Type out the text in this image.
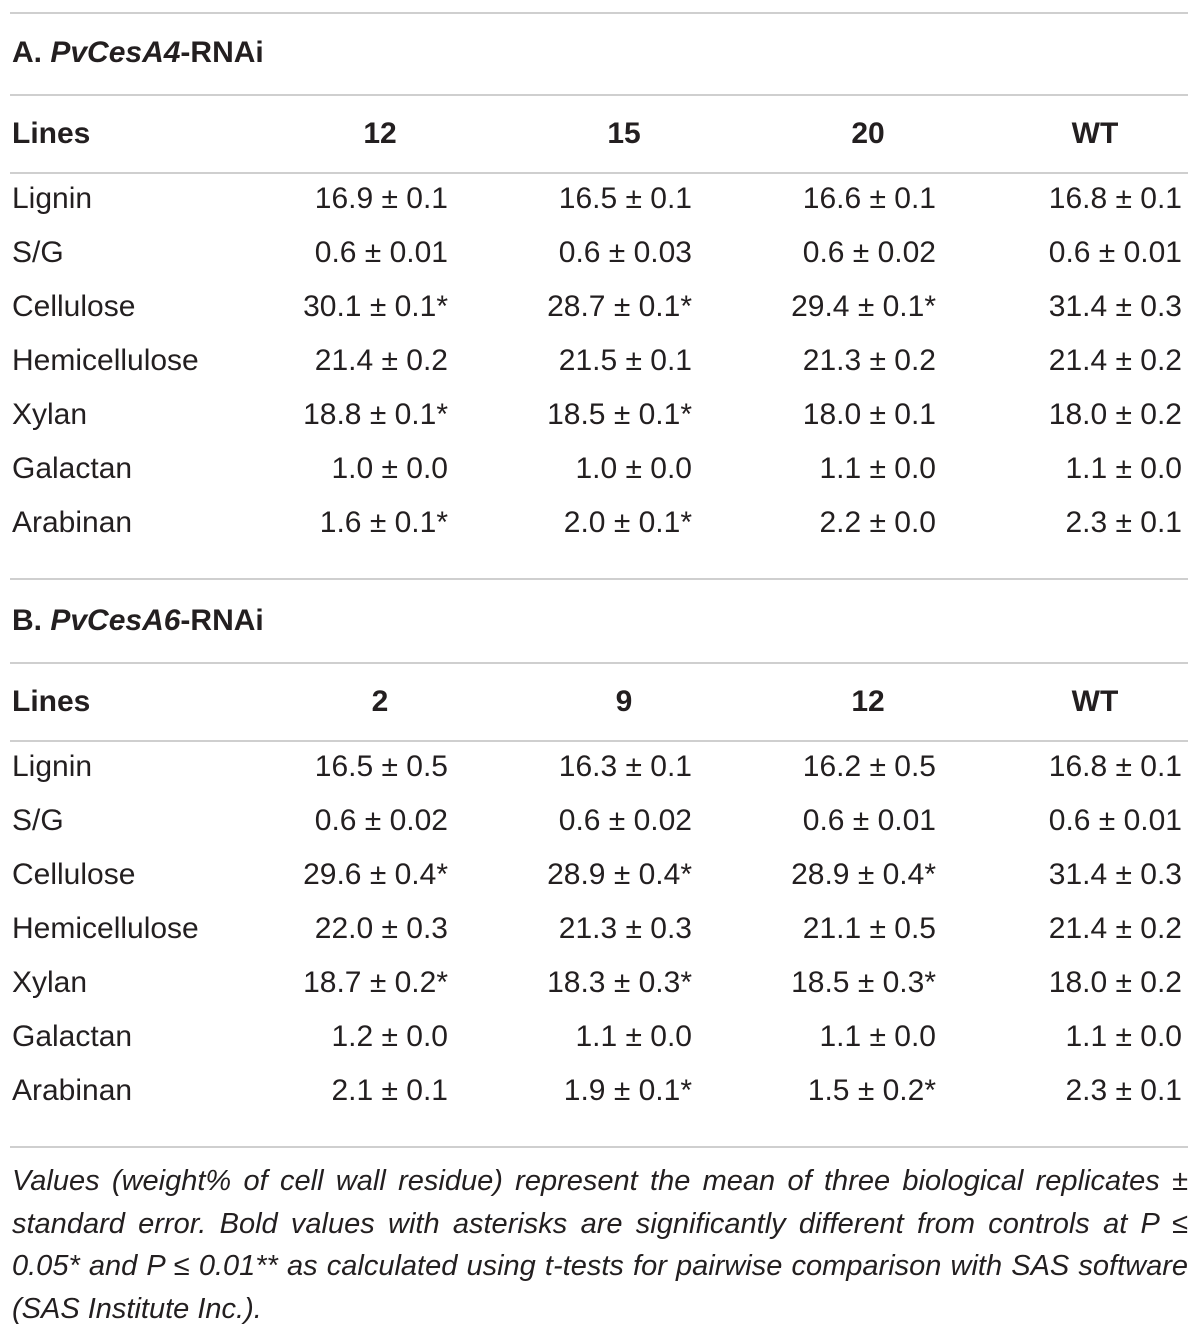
A. PvCesA4-RNAi
Lines	12	15	20	WT
Lignin	16.9 ± 0.1	16.5 ± 0.1	16.6 ± 0.1	16.8 ± 0.1
S/G	0.6 ± 0.01	0.6 ± 0.03	0.6 ± 0.02	0.6 ± 0.01
Cellulose	30.1 ± 0.1*	28.7 ± 0.1*	29.4 ± 0.1*	31.4 ± 0.3
Hemicellulose	21.4 ± 0.2	21.5 ± 0.1	21.3 ± 0.2	21.4 ± 0.2
Xylan	18.8 ± 0.1*	18.5 ± 0.1*	18.0 ± 0.1	18.0 ± 0.2
Galactan	1.0 ± 0.0	1.0 ± 0.0	1.1 ± 0.0	1.1 ± 0.0
Arabinan	1.6 ± 0.1*	2.0 ± 0.1*	2.2 ± 0.0	2.3 ± 0.1
B. PvCesA6-RNAi
Lines	2	9	12	WT
Lignin	16.5 ± 0.5	16.3 ± 0.1	16.2 ± 0.5	16.8 ± 0.1
S/G	0.6 ± 0.02	0.6 ± 0.02	0.6 ± 0.01	0.6 ± 0.01
Cellulose	29.6 ± 0.4*	28.9 ± 0.4*	28.9 ± 0.4*	31.4 ± 0.3
Hemicellulose	22.0 ± 0.3	21.3 ± 0.3	21.1 ± 0.5	21.4 ± 0.2
Xylan	18.7 ± 0.2*	18.3 ± 0.3*	18.5 ± 0.3*	18.0 ± 0.2
Galactan	1.2 ± 0.0	1.1 ± 0.0	1.1 ± 0.0	1.1 ± 0.0
Arabinan	2.1 ± 0.1	1.9 ± 0.1*	1.5 ± 0.2*	2.3 ± 0.1

Values (weight% of cell wall residue) represent the mean of three biological replicates ± standard error. Bold values with asterisks are significantly different from controls at P ≤ 0.05* and P ≤ 0.01** as calculated using t-tests for pairwise comparison with SAS software (SAS Institute Inc.).
